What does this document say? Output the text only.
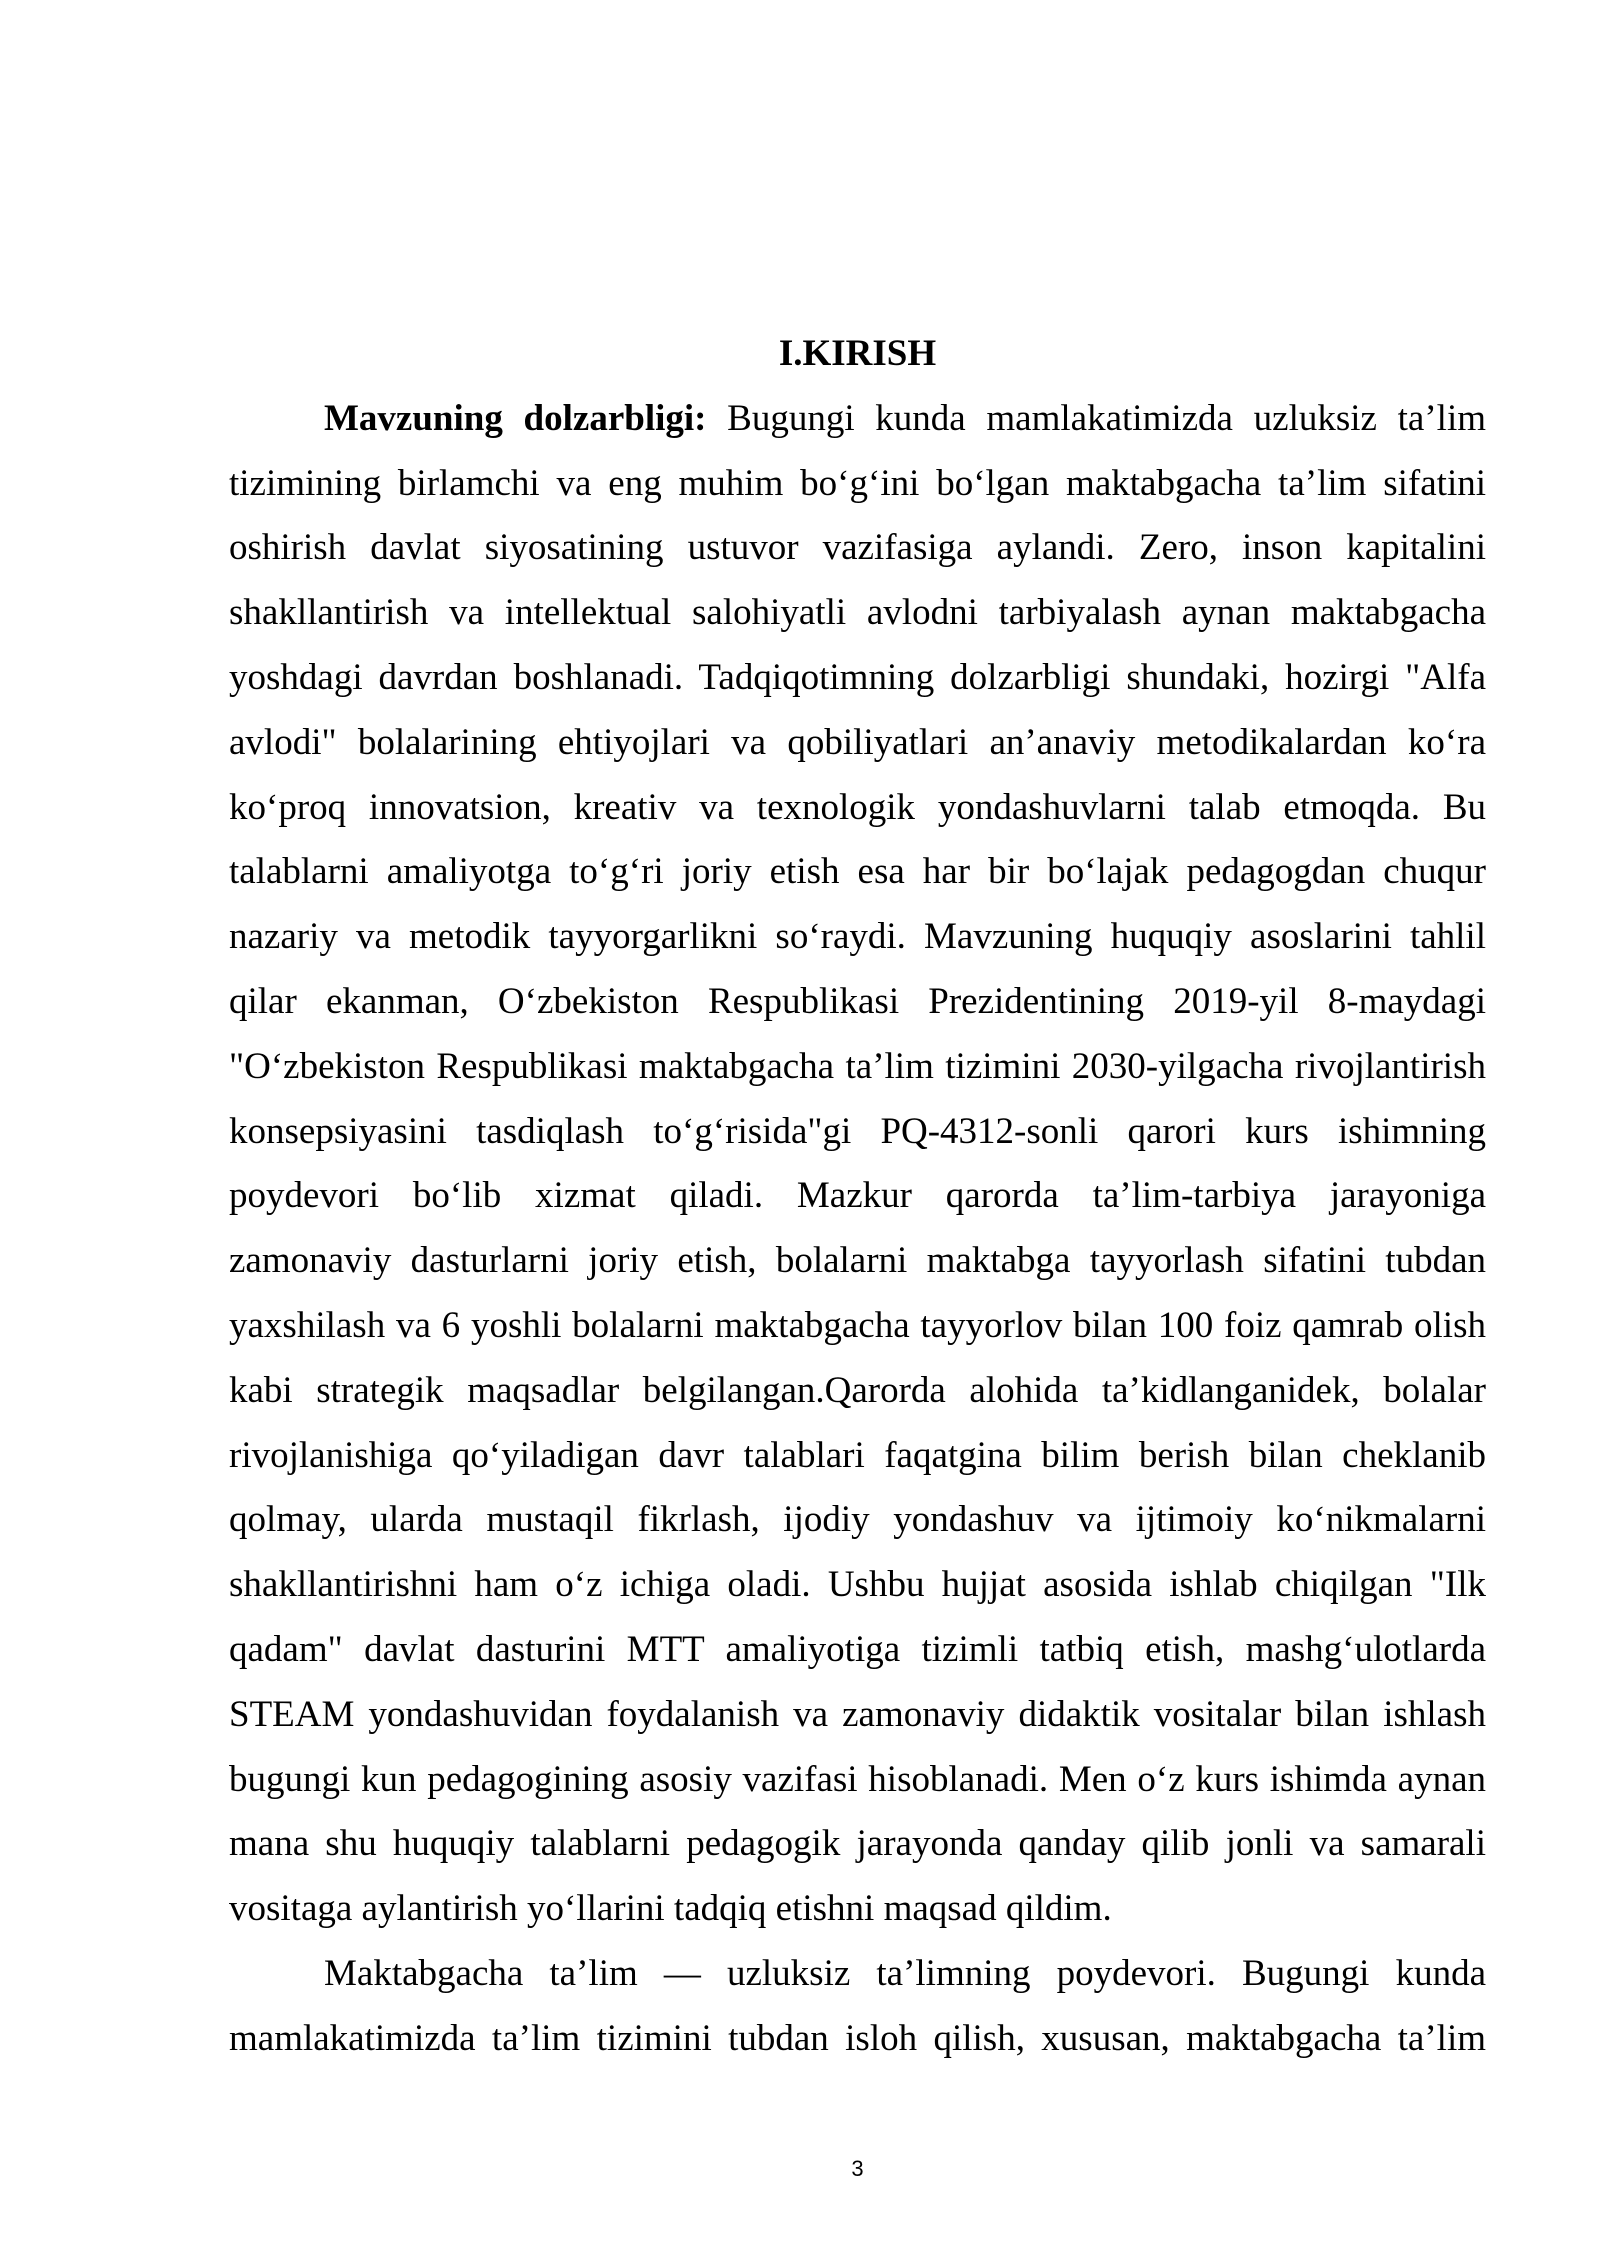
I.KIRISH
Mavzuning dolzarbligi: Bugungi kunda mamlakatimizda uzluksiz ta’lim
tizimining birlamchi va eng muhim bo‘g‘ini bo‘lgan maktabgacha ta’lim sifatini
oshirish davlat siyosatining ustuvor vazifasiga aylandi. Zero, inson kapitalini
shakllantirish va intellektual salohiyatli avlodni tarbiyalash aynan maktabgacha
yoshdagi davrdan boshlanadi. Tadqiqotimning dolzarbligi shundaki, hozirgi "Alfa
avlodi" bolalarining ehtiyojlari va qobiliyatlari an’anaviy metodikalardan ko‘ra
ko‘proq innovatsion, kreativ va texnologik yondashuvlarni talab etmoqda. Bu
talablarni amaliyotga to‘g‘ri joriy etish esa har bir bo‘lajak pedagogdan chuqur
nazariy va metodik tayyorgarlikni so‘raydi. Mavzuning huquqiy asoslarini tahlil
qilar ekanman, O‘zbekiston Respublikasi Prezidentining 2019-yil 8-maydagi
"O‘zbekiston Respublikasi maktabgacha ta’lim tizimini 2030-yilgacha rivojlantirish
konsepsiyasini tasdiqlash to‘g‘risida"gi PQ-4312-sonli qarori kurs ishimning
poydevori bo‘lib xizmat qiladi. Mazkur qarorda ta’lim-tarbiya jarayoniga
zamonaviy dasturlarni joriy etish, bolalarni maktabga tayyorlash sifatini tubdan
yaxshilash va 6 yoshli bolalarni maktabgacha tayyorlov bilan 100 foiz qamrab olish
kabi strategik maqsadlar belgilangan.Qarorda alohida ta’kidlanganidek, bolalar
rivojlanishiga qo‘yiladigan davr talablari faqatgina bilim berish bilan cheklanib
qolmay, ularda mustaqil fikrlash, ijodiy yondashuv va ijtimoiy ko‘nikmalarni
shakllantirishni ham o‘z ichiga oladi. Ushbu hujjat asosida ishlab chiqilgan "Ilk
qadam" davlat dasturini MTT amaliyotiga tizimli tatbiq etish, mashg‘ulotlarda
STEAM yondashuvidan foydalanish va zamonaviy didaktik vositalar bilan ishlash
bugungi kun pedagogining asosiy vazifasi hisoblanadi. Men o‘z kurs ishimda aynan
mana shu huquqiy talablarni pedagogik jarayonda qanday qilib jonli va samarali
vositaga aylantirish yo‘llarini tadqiq etishni maqsad qildim.
Maktabgacha ta’lim — uzluksiz ta’limning poydevori. Bugungi kunda
mamlakatimizda ta’lim tizimini tubdan isloh qilish, xususan, maktabgacha ta’lim
3
